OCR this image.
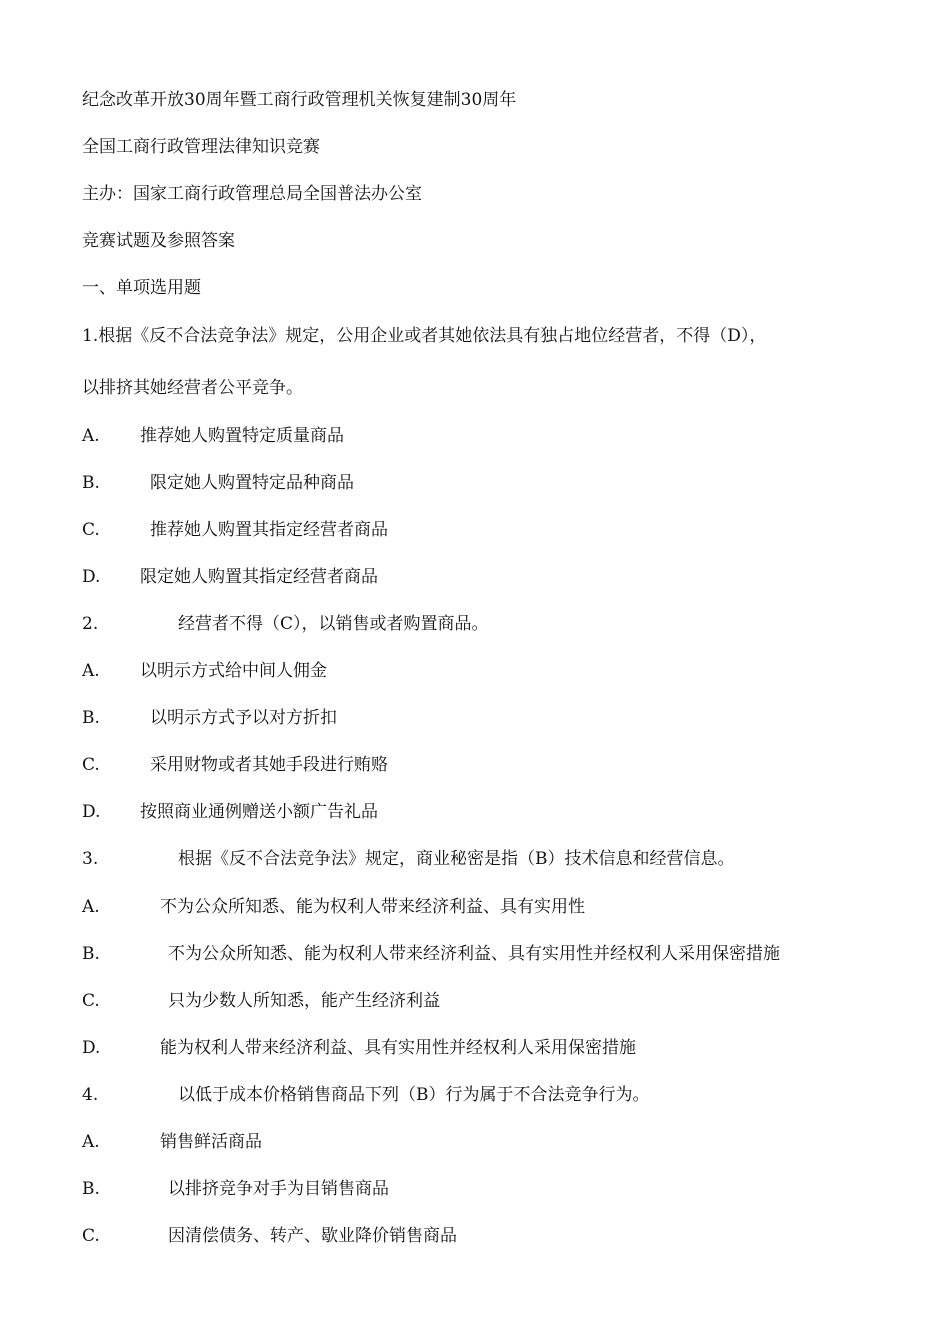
纪念改革开放30周年暨工商行政管理机关恢复建制30周年
全国工商行政管理法律知识竞赛
主办：国家工商行政管理总局全国普法办公室
竞赛试题及参照答案
一、单项选用题
1.根据《反不合法竞争法》规定，公用企业或者其她依法具有独占地位经营者，不得（D），
以排挤其她经营者公平竞争。
A. 推荐她人购置特定质量商品
B.	限定她人购置特定品种商品
C.	推荐她人购置其指定经营者商品
D. 限定她人购置其指定经营者商品
2.	经营者不得（C），以销售或者购置商品。
A. 以明示方式给中间人佣金
B.	以明示方式予以对方折扣
C.	采用财物或者其她手段进行贿赂
D. 按照商业通例赠送小额广告礼品
3.	根据《反不合法竞争法》规定，商业秘密是指（B）技术信息和经营信息。
A.	不为公众所知悉、能为权利人带来经济利益、具有实用性
B.	不为公众所知悉、能为权利人带来经济利益、具有实用性并经权利人采用保密措施
C.	只为少数人所知悉，能产生经济利益
D.	能为权利人带来经济利益、具有实用性并经权利人采用保密措施
4.	以低于成本价格销售商品下列（B）行为属于不合法竞争行为。
A.	销售鲜活商品
B.	以排挤竞争对手为目销售商品
C.	因清偿债务、转产、歇业降价销售商品
